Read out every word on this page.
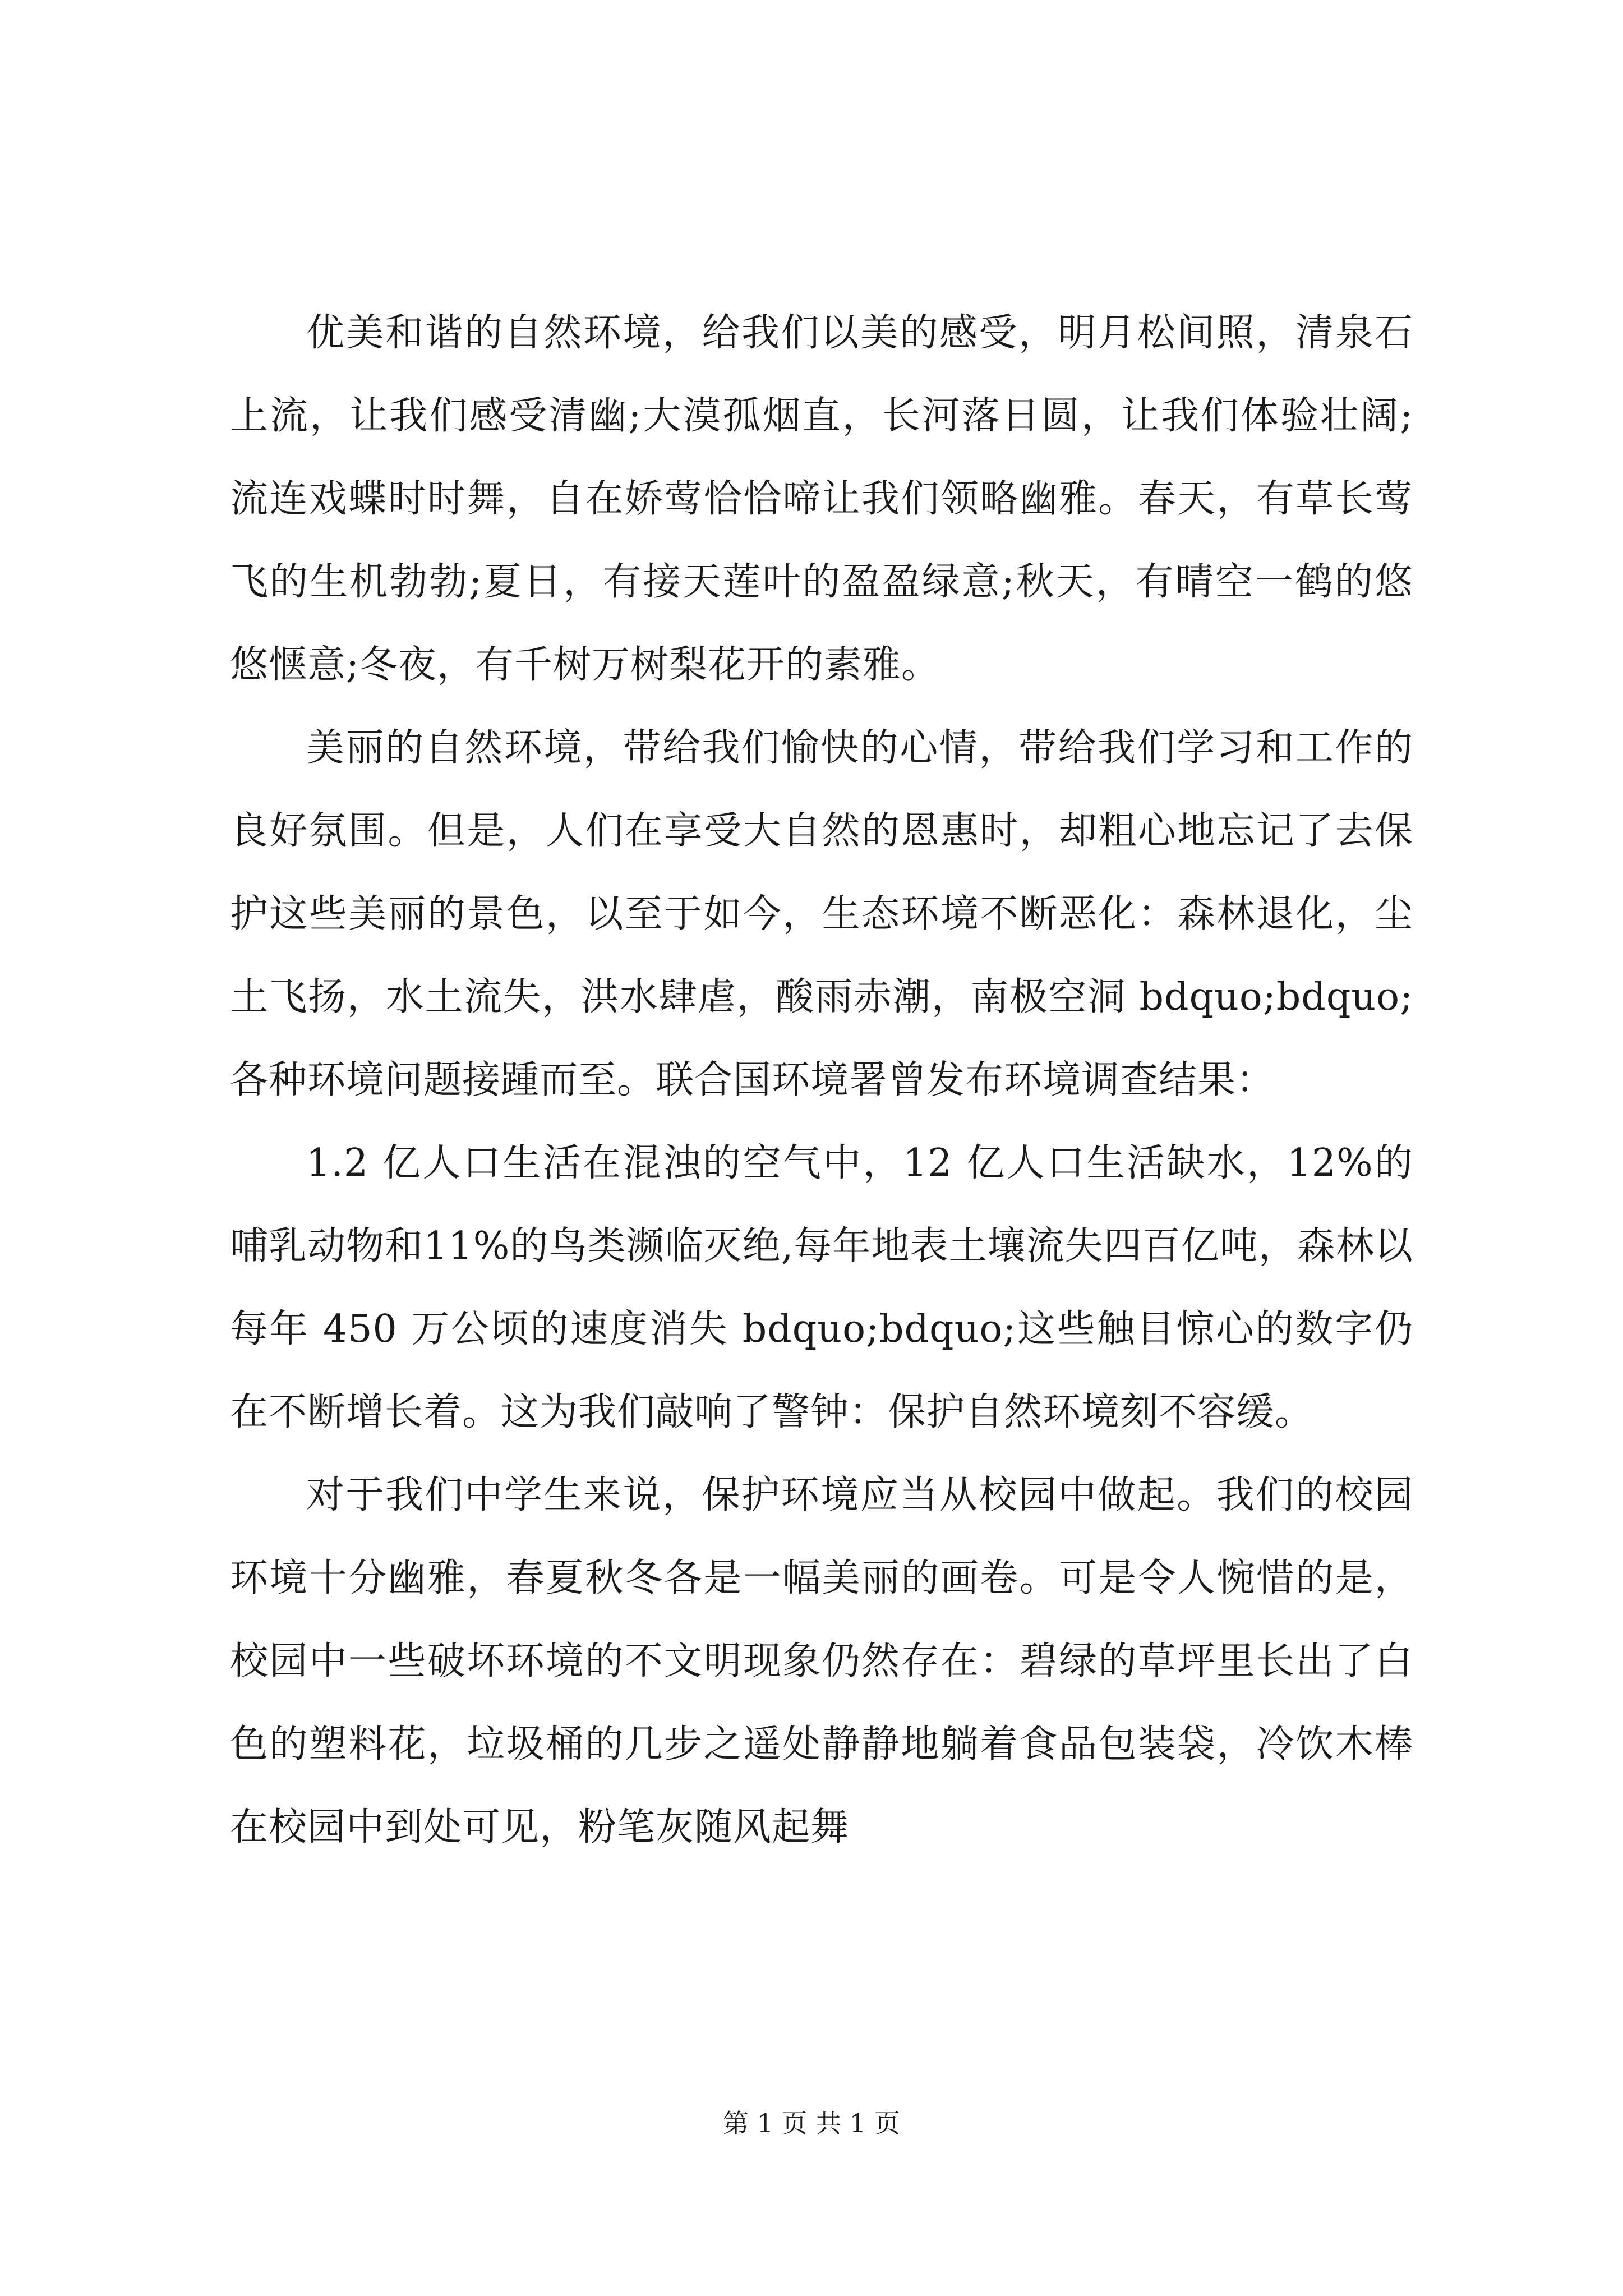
优美和谐的自然环境，给我们以美的感受，明月松间照，清泉石上流，让我们感受清幽;大漠孤烟直，长河落日圆，让我们体验壮阔;流连戏蝶时时舞，自在娇莺恰恰啼让我们领略幽雅。春天，有草长莺飞的生机勃勃;夏日，有接天莲叶的盈盈绿意;秋天，有晴空一鹤的悠悠惬意;冬夜，有千树万树梨花开的素雅。

美丽的自然环境，带给我们愉快的心情，带给我们学习和工作的良好氛围。但是，人们在享受大自然的恩惠时，却粗心地忘记了去保护这些美丽的景色，以至于如今，生态环境不断恶化：森林退化，尘土飞扬，水土流失，洪水肆虐，酸雨赤潮，南极空洞 bdquo;bdquo;各种环境问题接踵而至。联合国环境署曾发布环境调查结果：

1.2 亿人口生活在混浊的空气中，12 亿人口生活缺水，12%的哺乳动物和11%的鸟类濒临灭绝,每年地表土壤流失四百亿吨，森林以每年 450 万公顷的速度消失 bdquo;bdquo;这些触目惊心的数字仍在不断增长着。这为我们敲响了警钟：保护自然环境刻不容缓。

对于我们中学生来说，保护环境应当从校园中做起。我们的校园环境十分幽雅，春夏秋冬各是一幅美丽的画卷。可是令人惋惜的是，校园中一些破坏环境的不文明现象仍然存在：碧绿的草坪里长出了白色的塑料花，垃圾桶的几步之遥处静静地躺着食品包装袋，冷饮木棒在校园中到处可见，粉笔灰随风起舞

第 1 页 共 1 页
